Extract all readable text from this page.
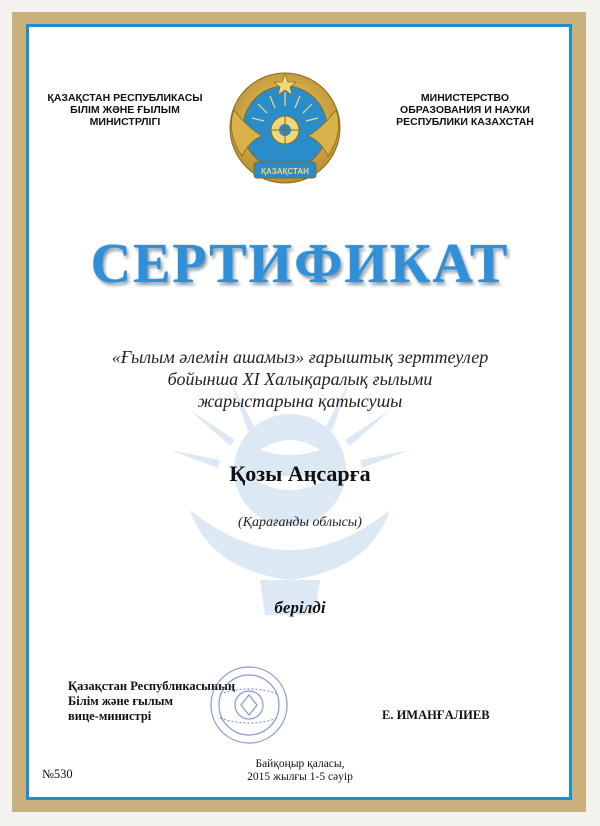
ҚАЗАҚСТАН РЕСПУБЛИКАСЫ
БІЛІМ ЖӘНЕ ҒЫЛЫМ
МИНИСТРЛІГІ
ҚАЗАҚСТАН
МИНИСТЕРСТВО
ОБРАЗОВАНИЯ И НАУКИ
РЕСПУБЛИКИ КАЗАХСТАН
СЕРТИФИКАТ
«Ғылым әлемін ашамыз» ғарыштық зерттеулер
бойынша XI Халықаралық ғылыми
жарыстарына қатысушы
Қозы Аңсарға
(Қарағанды облысы)
берілді
Қазақстан Республикасының
Білім және ғылым
вице-министрі	Е. ИМАНҒАЛИЕВ
№530
Байқоңыр қаласы,
2015 жылғы 1-5 сәуір
